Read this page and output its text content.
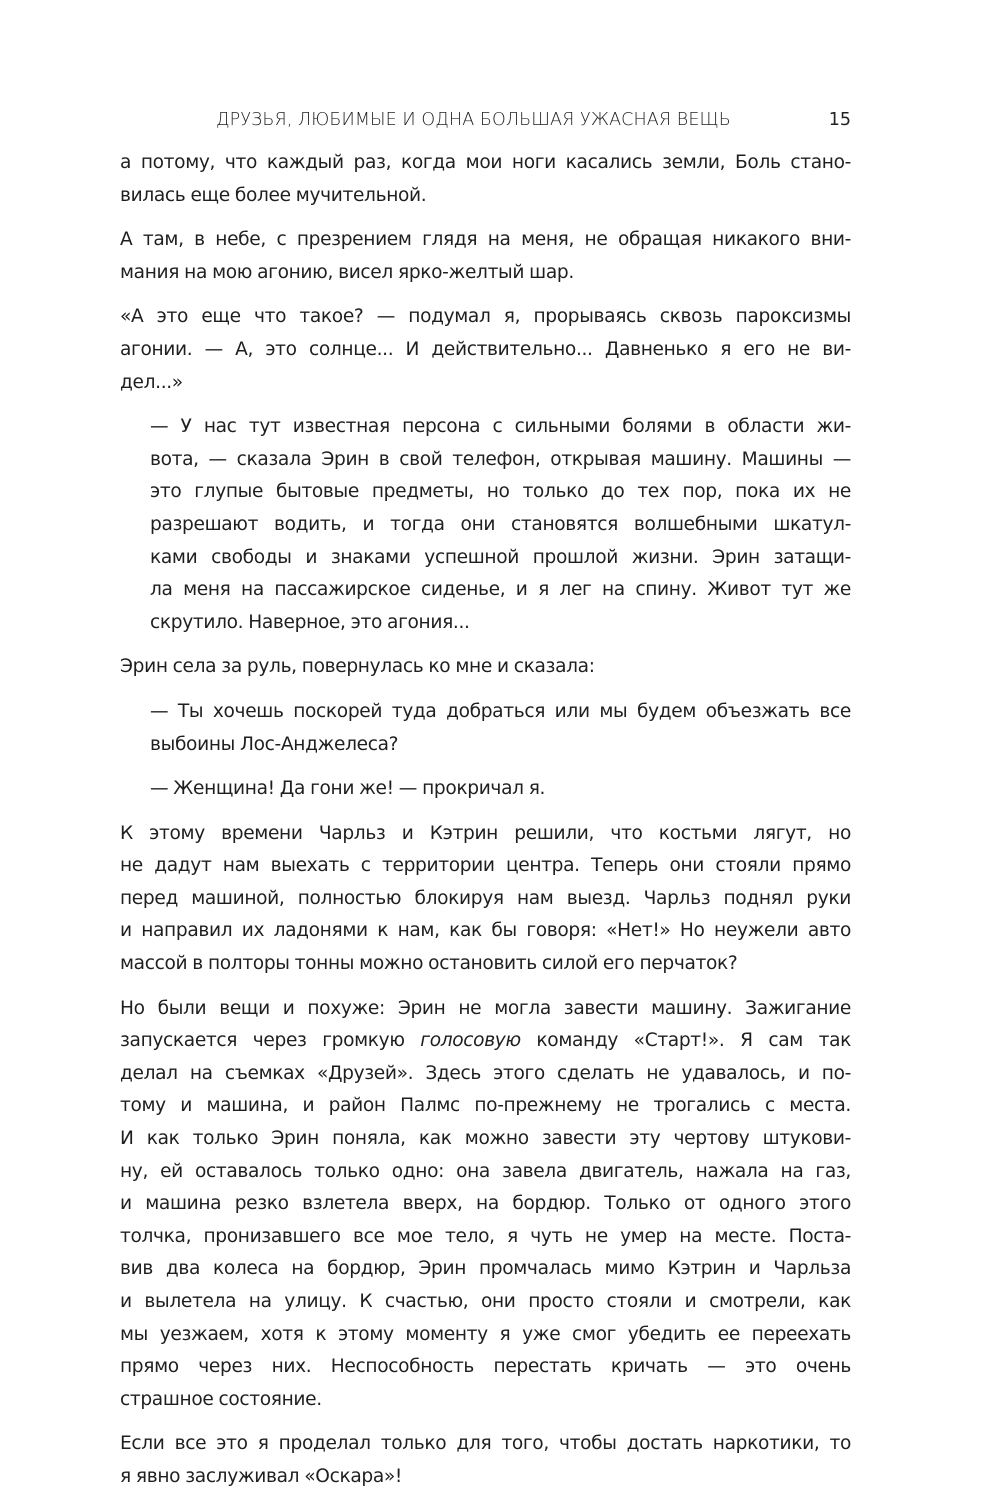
ДРУЗЬЯ, ЛЮБИМЫЕ И ОДНА БОЛЬШАЯ УЖАСНАЯ ВЕЩЬ	15
а потому, что каждый раз, когда мои ноги касались земли, Боль стано-
вилась еще более мучительной.
А там, в небе, с презрением глядя на меня, не обращая никакого вни-
мания на мою агонию, висел ярко-желтый шар.
«А это еще что такое? — подумал я, прорываясь сквозь пароксизмы
агонии. — А, это солнце... И действительно... Давненько я его не ви-
дел...»
— У нас тут известная персона с сильными болями в области жи-
вота, — сказала Эрин в свой телефон, открывая машину. Машины —
это глупые бытовые предметы, но только до тех пор, пока их не
разрешают водить, и тогда они становятся волшебными шкатул-
ками свободы и знаками успешной прошлой жизни. Эрин затащи-
ла меня на пассажирское сиденье, и я лег на спину. Живот тут же
скрутило. Наверное, это агония...
Эрин села за руль, повернулась ко мне и сказала:
— Ты хочешь поскорей туда добраться или мы будем объезжать все
выбоины Лос-Анджелеса?
— Женщина! Да гони же! — прокричал я.
К этому времени Чарльз и Кэтрин решили, что костьми лягут, но
не дадут нам выехать с территории центра. Теперь они стояли прямо
перед машиной, полностью блокируя нам выезд. Чарльз поднял руки
и направил их ладонями к нам, как бы говоря: «Нет!» Но неужели авто
массой в полторы тонны можно остановить силой его перчаток?
Но были вещи и похуже: Эрин не могла завести машину. Зажигание
запускается через громкую голосовую команду «Старт!». Я сам так
делал на съемках «Друзей». Здесь этого сделать не удавалось, и по-
тому и машина, и район Палмс по-прежнему не трогались с места.
И как только Эрин поняла, как можно завести эту чертову штукови-
ну, ей оставалось только одно: она завела двигатель, нажала на газ,
и машина резко взлетела вверх, на бордюр. Только от одного этого
толчка, пронизавшего все мое тело, я чуть не умер на месте. Поста-
вив два колеса на бордюр, Эрин промчалась мимо Кэтрин и Чарльза
и вылетела на улицу. К счастью, они просто стояли и смотрели, как
мы уезжаем, хотя к этому моменту я уже смог убедить ее переехать
прямо через них. Неспособность перестать кричать — это очень
страшное состояние.
Если все это я проделал только для того, чтобы достать наркотики, то
я явно заслуживал «Оскара»!
